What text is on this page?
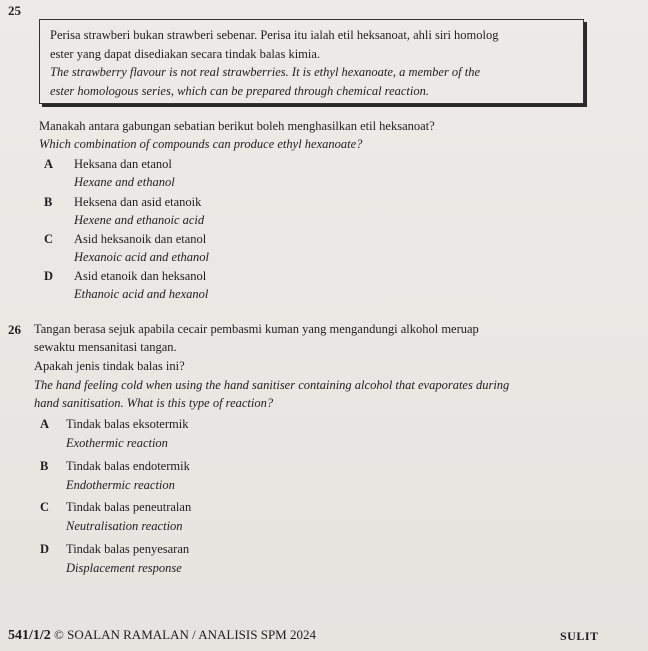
25
Perisa strawberi bukan strawberi sebenar. Perisa itu ialah etil heksanoat, ahli siri homolog
ester yang dapat disediakan secara tindak balas kimia.
The strawberry flavour is not real strawberries. It is ethyl hexanoate, a member of the
ester homologous series, which can be prepared through chemical reaction.
Manakah antara gabungan sebatian berikut boleh menghasilkan etil heksanoat?
Which combination of compounds can produce ethyl hexanoate?
A Heksana dan etanol
Hexane and ethanol
B Heksena dan asid etanoik
Hexene and ethanoic acid
C Asid heksanoik dan etanol
Hexanoic acid and ethanol
D Asid etanoik dan heksanol
Ethanoic acid and hexanol
26 Tangan berasa sejuk apabila cecair pembasmi kuman yang mengandungi alkohol meruap
sewaktu mensanitasi tangan.
Apakah jenis tindak balas ini?
The hand feeling cold when using the hand sanitiser containing alcohol that evaporates during
hand sanitisation. What is this type of reaction?
A Tindak balas eksotermik
Exothermic reaction
B Tindak balas endotermik
Endothermic reaction
C Tindak balas peneutralan
Neutralisation reaction
D Tindak balas penyesaran
Displacement response
541/1/2 © SOALAN RAMALAN / ANALISIS SPM 2024	SULIT
